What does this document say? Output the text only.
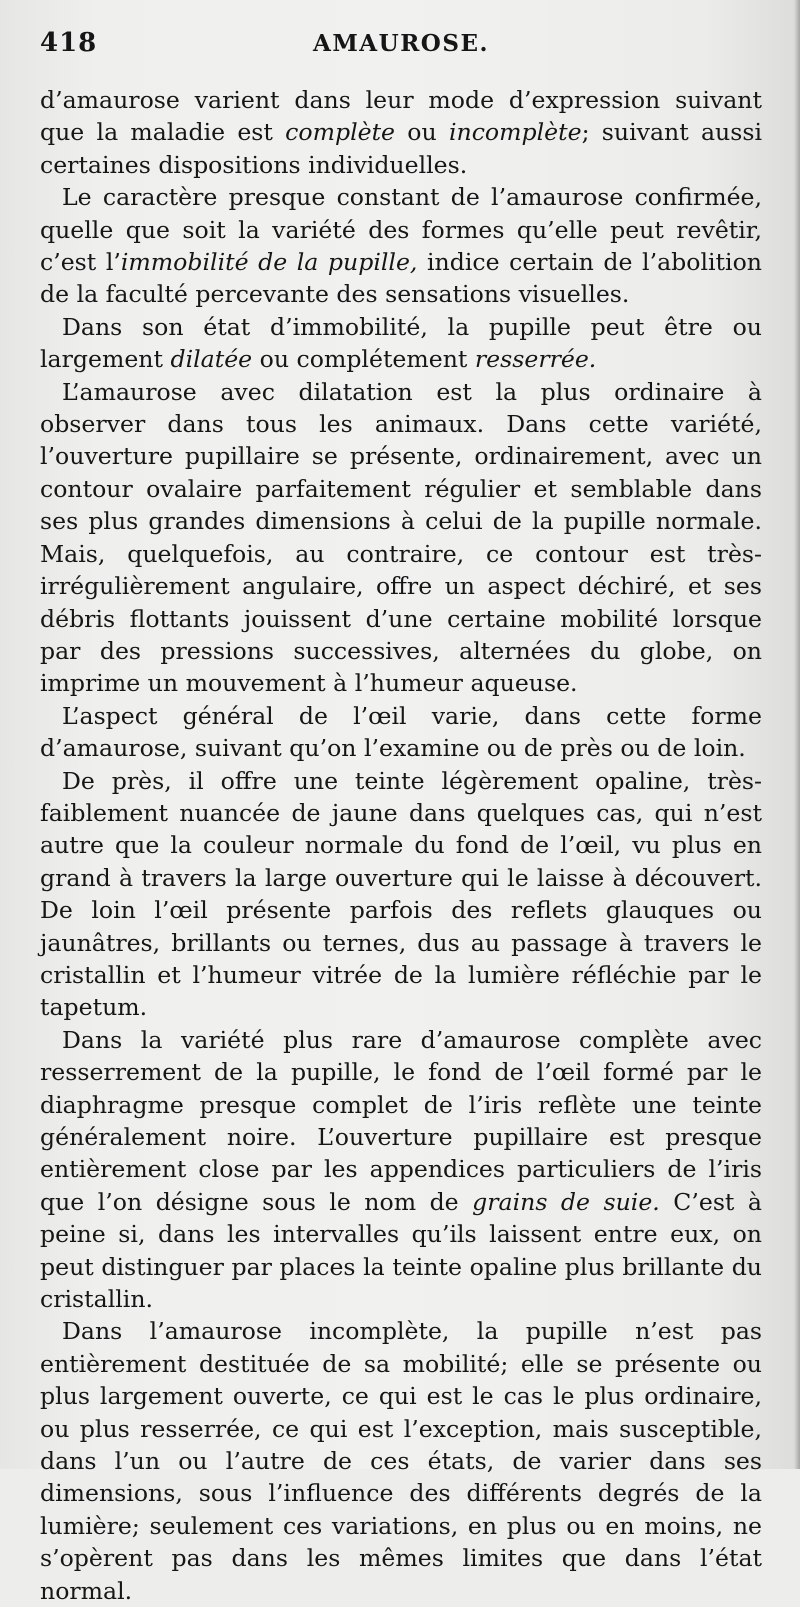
418	AMAUROSE.

d’amaurose varient dans leur mode d’expression suivant que la maladie est complète ou incomplète; suivant aussi certaines dispositions individuelles.

Le caractère presque constant de l’amaurose confirmée, quelle que soit la variété des formes qu’elle peut revêtir, c’est l’immobilité de la pupille, indice certain de l’abolition de la faculté percevante des sensations visuelles.

Dans son état d’immobilité, la pupille peut être ou largement dilatée ou complétement resserrée.

L’amaurose avec dilatation est la plus ordinaire à observer dans tous les animaux. Dans cette variété, l’ouverture pupillaire se présente, ordinairement, avec un contour ovalaire parfaitement régulier et semblable dans ses plus grandes dimensions à celui de la pupille normale. Mais, quelquefois, au contraire, ce contour est très-irrégulièrement angulaire, offre un aspect déchiré, et ses débris flottants jouissent d’une certaine mobilité lorsque par des pressions successives, alternées du globe, on imprime un mouvement à l’humeur aqueuse.

L’aspect général de l’œil varie, dans cette forme d’amaurose, suivant qu’on l’examine ou de près ou de loin.

De près, il offre une teinte légèrement opaline, très-faiblement nuancée de jaune dans quelques cas, qui n’est autre que la couleur normale du fond de l’œil, vu plus en grand à travers la large ouverture qui le laisse à découvert. De loin l’œil présente parfois des reflets glauques ou jaunâtres, brillants ou ternes, dus au passage à travers le cristallin et l’humeur vitrée de la lumière réfléchie par le tapetum.

Dans la variété plus rare d’amaurose complète avec resserrement de la pupille, le fond de l’œil formé par le diaphragme presque complet de l’iris reflète une teinte généralement noire. L’ouverture pupillaire est presque entièrement close par les appendices particuliers de l’iris que l’on désigne sous le nom de grains de suie. C’est à peine si, dans les intervalles qu’ils laissent entre eux, on peut distinguer par places la teinte opaline plus brillante du cristallin.

Dans l’amaurose incomplète, la pupille n’est pas entièrement destituée de sa mobilité; elle se présente ou plus largement ouverte, ce qui est le cas le plus ordinaire, ou plus resserrée, ce qui est l’exception, mais susceptible, dans l’un ou l’autre de ces états, de varier dans ses dimensions, sous l’influence des différents degrés de la lumière; seulement ces variations, en plus ou en moins, ne s’opèrent pas dans les mêmes limites que dans l’état normal.
